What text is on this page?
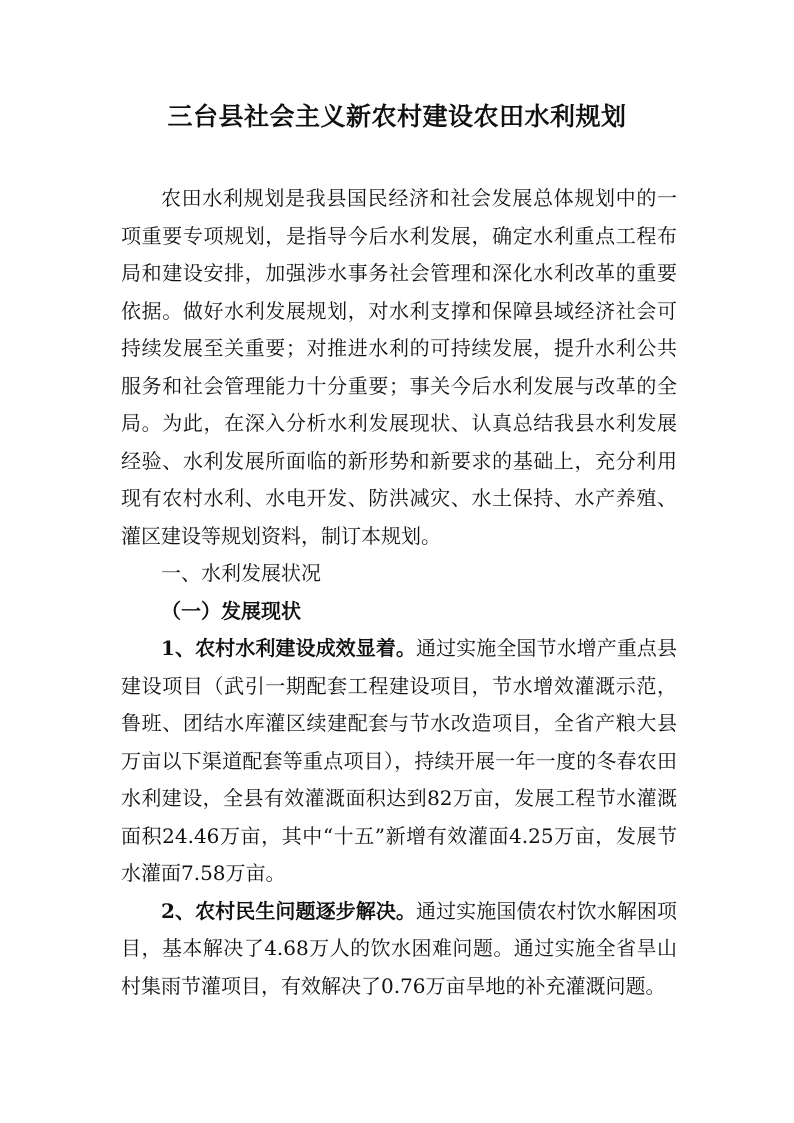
三台县社会主义新农村建设农田水利规划

农田水利规划是我县国民经济和社会发展总体规划中的一项重要专项规划，是指导今后水利发展，确定水利重点工程布局和建设安排，加强涉水事务社会管理和深化水利改革的重要依据。做好水利发展规划，对水利支撑和保障县域经济社会可持续发展至关重要；对推进水利的可持续发展，提升水利公共服务和社会管理能力十分重要；事关今后水利发展与改革的全局。为此，在深入分析水利发展现状、认真总结我县水利发展经验、水利发展所面临的新形势和新要求的基础上，充分利用现有农村水利、水电开发、防洪减灾、水土保持、水产养殖、灌区建设等规划资料，制订本规划。

一、水利发展状况

（一）发展现状

1、农村水利建设成效显着。通过实施全国节水增产重点县建设项目（武引一期配套工程建设项目，节水增效灌溉示范，鲁班、团结水库灌区续建配套与节水改造项目，全省产粮大县万亩以下渠道配套等重点项目），持续开展一年一度的冬春农田水利建设，全县有效灌溉面积达到82万亩，发展工程节水灌溉面积24.46万亩，其中“十五”新增有效灌面4.25万亩，发展节水灌面7.58万亩。

2、农村民生问题逐步解决。通过实施国债农村饮水解困项目，基本解决了4.68万人的饮水困难问题。通过实施全省旱山村集雨节灌项目，有效解决了0.76万亩旱地的补充灌溉问题。
